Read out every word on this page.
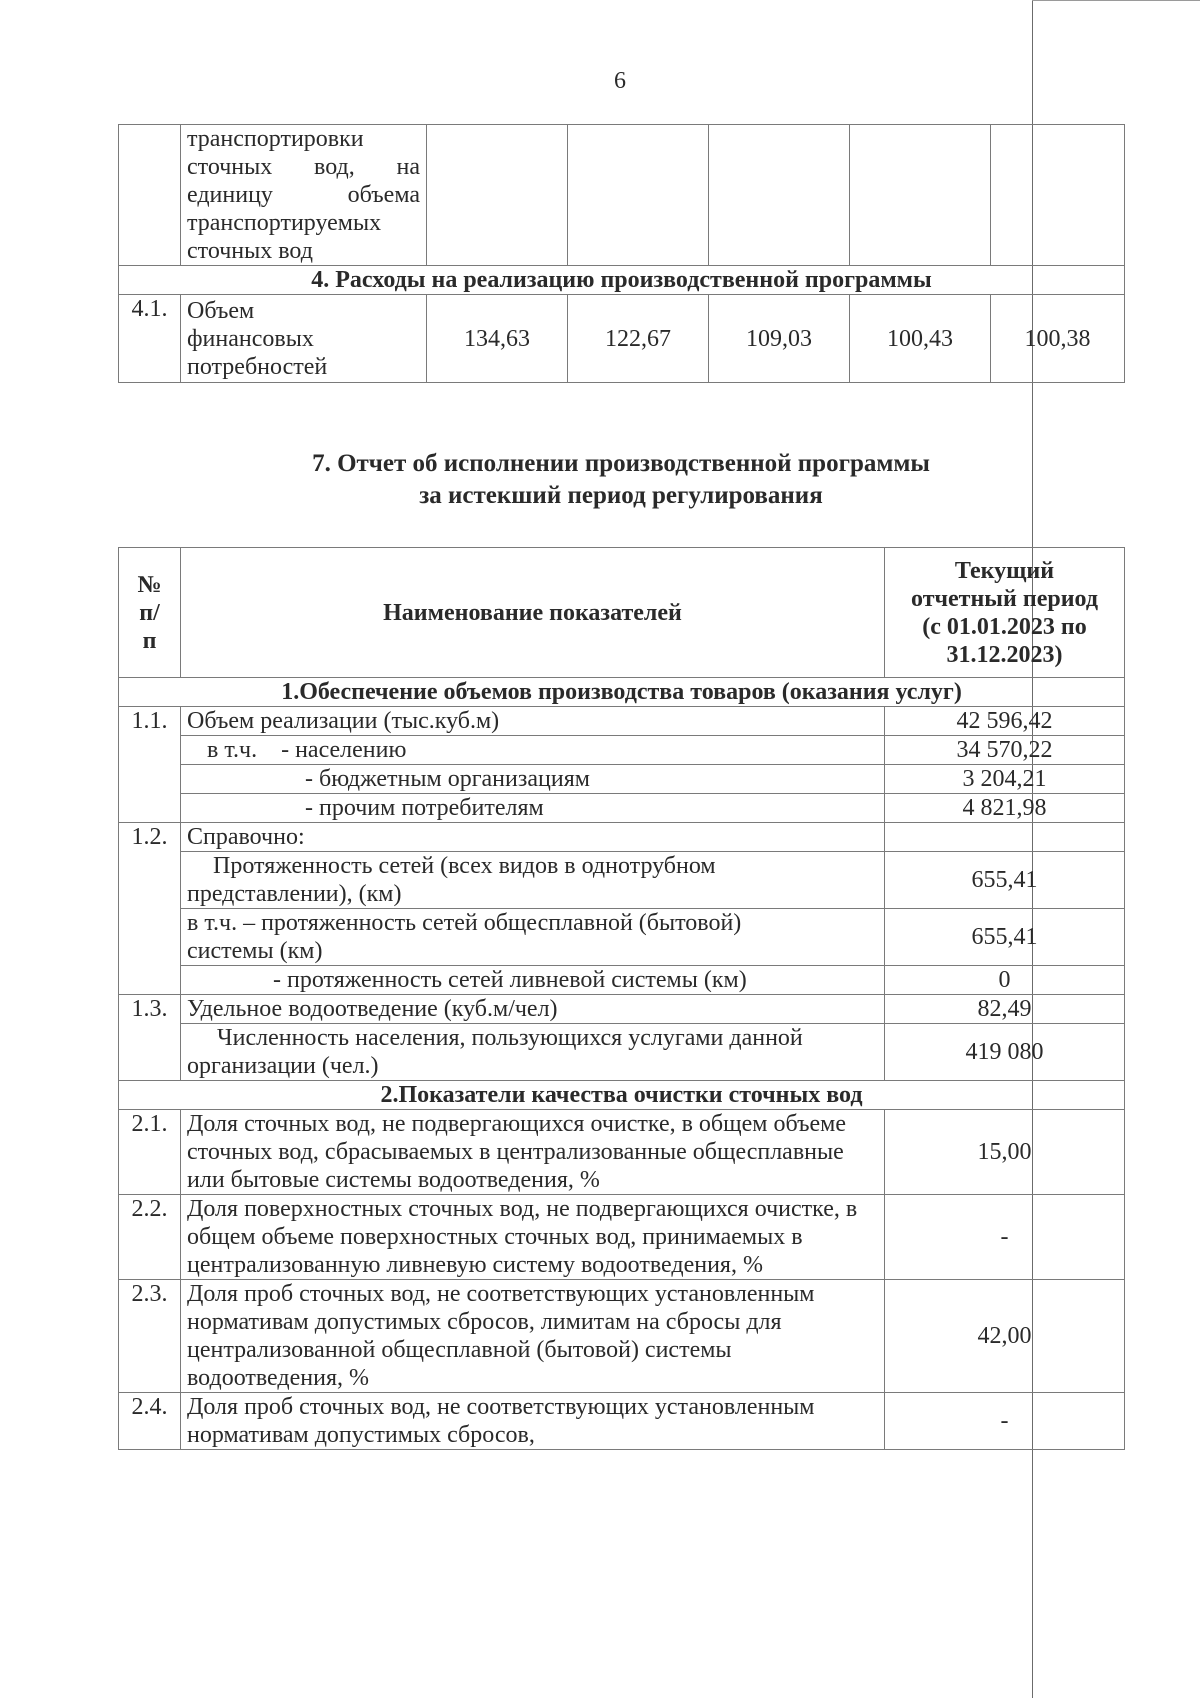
6

	транспортировки
сточных вод, на
единицу объема
транспортируемых
сточных вод					

4. Расходы на реализацию производственной программы						
4.1.	Объем
финансовых
потребностей	134,63	122,67	109,03	100,43	100,38
7. Отчет об исполнении производственной программы
за истекший период регулирования
№ п/п	Наименование показателей	Текущий
отчетный период
(с 01.01.2023 по
31.12.2023)

1.Обеспечение объемов производства товаров (оказания услуг)		
1.1.	Объем реализации (тыс.куб.м)	42 596,42
	в т.ч.    - населению	34 570,22
	- бюджетным организациям	3 204,21
	- прочим потребителям	4 821,98
1.2.	Справочно:	
	Протяженность сетей (всех видов в однотрубном представлении), (км)	655,41
	в т.ч. – протяженность сетей общесплавной (бытовой) системы (км)	655,41
	- протяженность сетей ливневой системы (км)	0
1.3.	Удельное водоотведение (куб.м/чел)	82,49
	Численность населения, пользующихся услугами данной организации (чел.)	419 080
2.Показатели качества очистки сточных вод		
2.1.	Доля сточных вод, не подвергающихся очистке, в общем объеме сточных вод, сбрасываемых в централизованные общесплавные или бытовые системы водоотведения, %	15,00
2.2.	Доля поверхностных сточных вод, не подвергающихся очистке, в общем объеме поверхностных сточных вод, принимаемых в централизованную ливневую систему водоотведения, %	-
2.3.	Доля проб сточных вод, не соответствующих установленным нормативам допустимых сбросов, лимитам на сбросы для централизованной общесплавной (бытовой) системы водоотведения, %	42,00
2.4.	Доля проб сточных вод, не соответствующих установленным нормативам допустимых сбросов,	-
